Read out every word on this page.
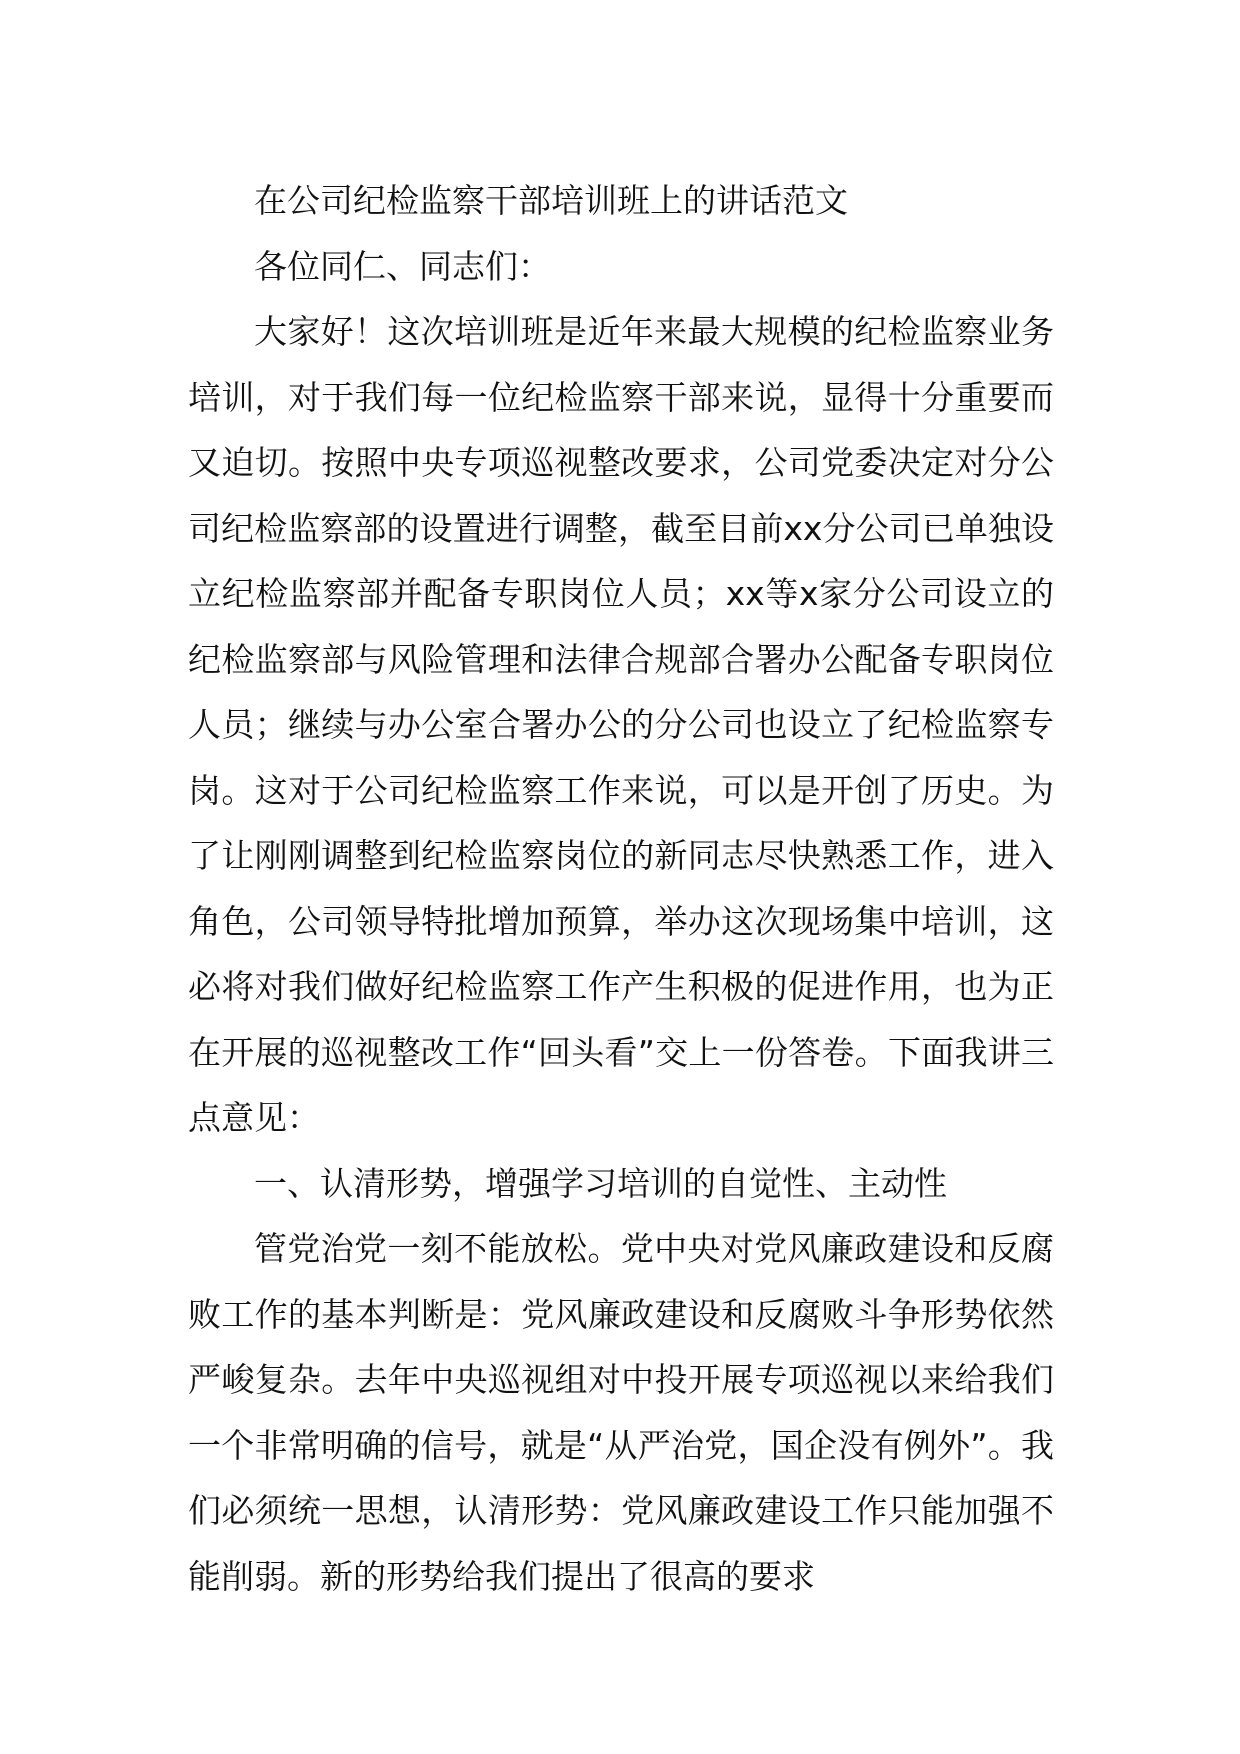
在公司纪检监察干部培训班上的讲话范文

各位同仁、同志们：

大家好！这次培训班是近年来最大规模的纪检监察业务培训，对于我们每一位纪检监察干部来说，显得十分重要而又迫切。按照中央专项巡视整改要求，公司党委决定对分公司纪检监察部的设置进行调整，截至目前xx分公司已单独设立纪检监察部并配备专职岗位人员；xx等x家分公司设立的纪检监察部与风险管理和法律合规部合署办公配备专职岗位人员；继续与办公室合署办公的分公司也设立了纪检监察专岗。这对于公司纪检监察工作来说，可以是开创了历史。为了让刚刚调整到纪检监察岗位的新同志尽快熟悉工作，进入角色，公司领导特批增加预算，举办这次现场集中培训，这必将对我们做好纪检监察工作产生积极的促进作用，也为正在开展的巡视整改工作“回头看”交上一份答卷。下面我讲三点意见：

一、认清形势，增强学习培训的自觉性、主动性

管党治党一刻不能放松。党中央对党风廉政建设和反腐败工作的基本判断是：党风廉政建设和反腐败斗争形势依然严峻复杂。去年中央巡视组对中投开展专项巡视以来给我们一个非常明确的信号，就是“从严治党，国企没有例外”。我们必须统一思想，认清形势：党风廉政建设工作只能加强不能削弱。新的形势给我们提出了很高的要求
